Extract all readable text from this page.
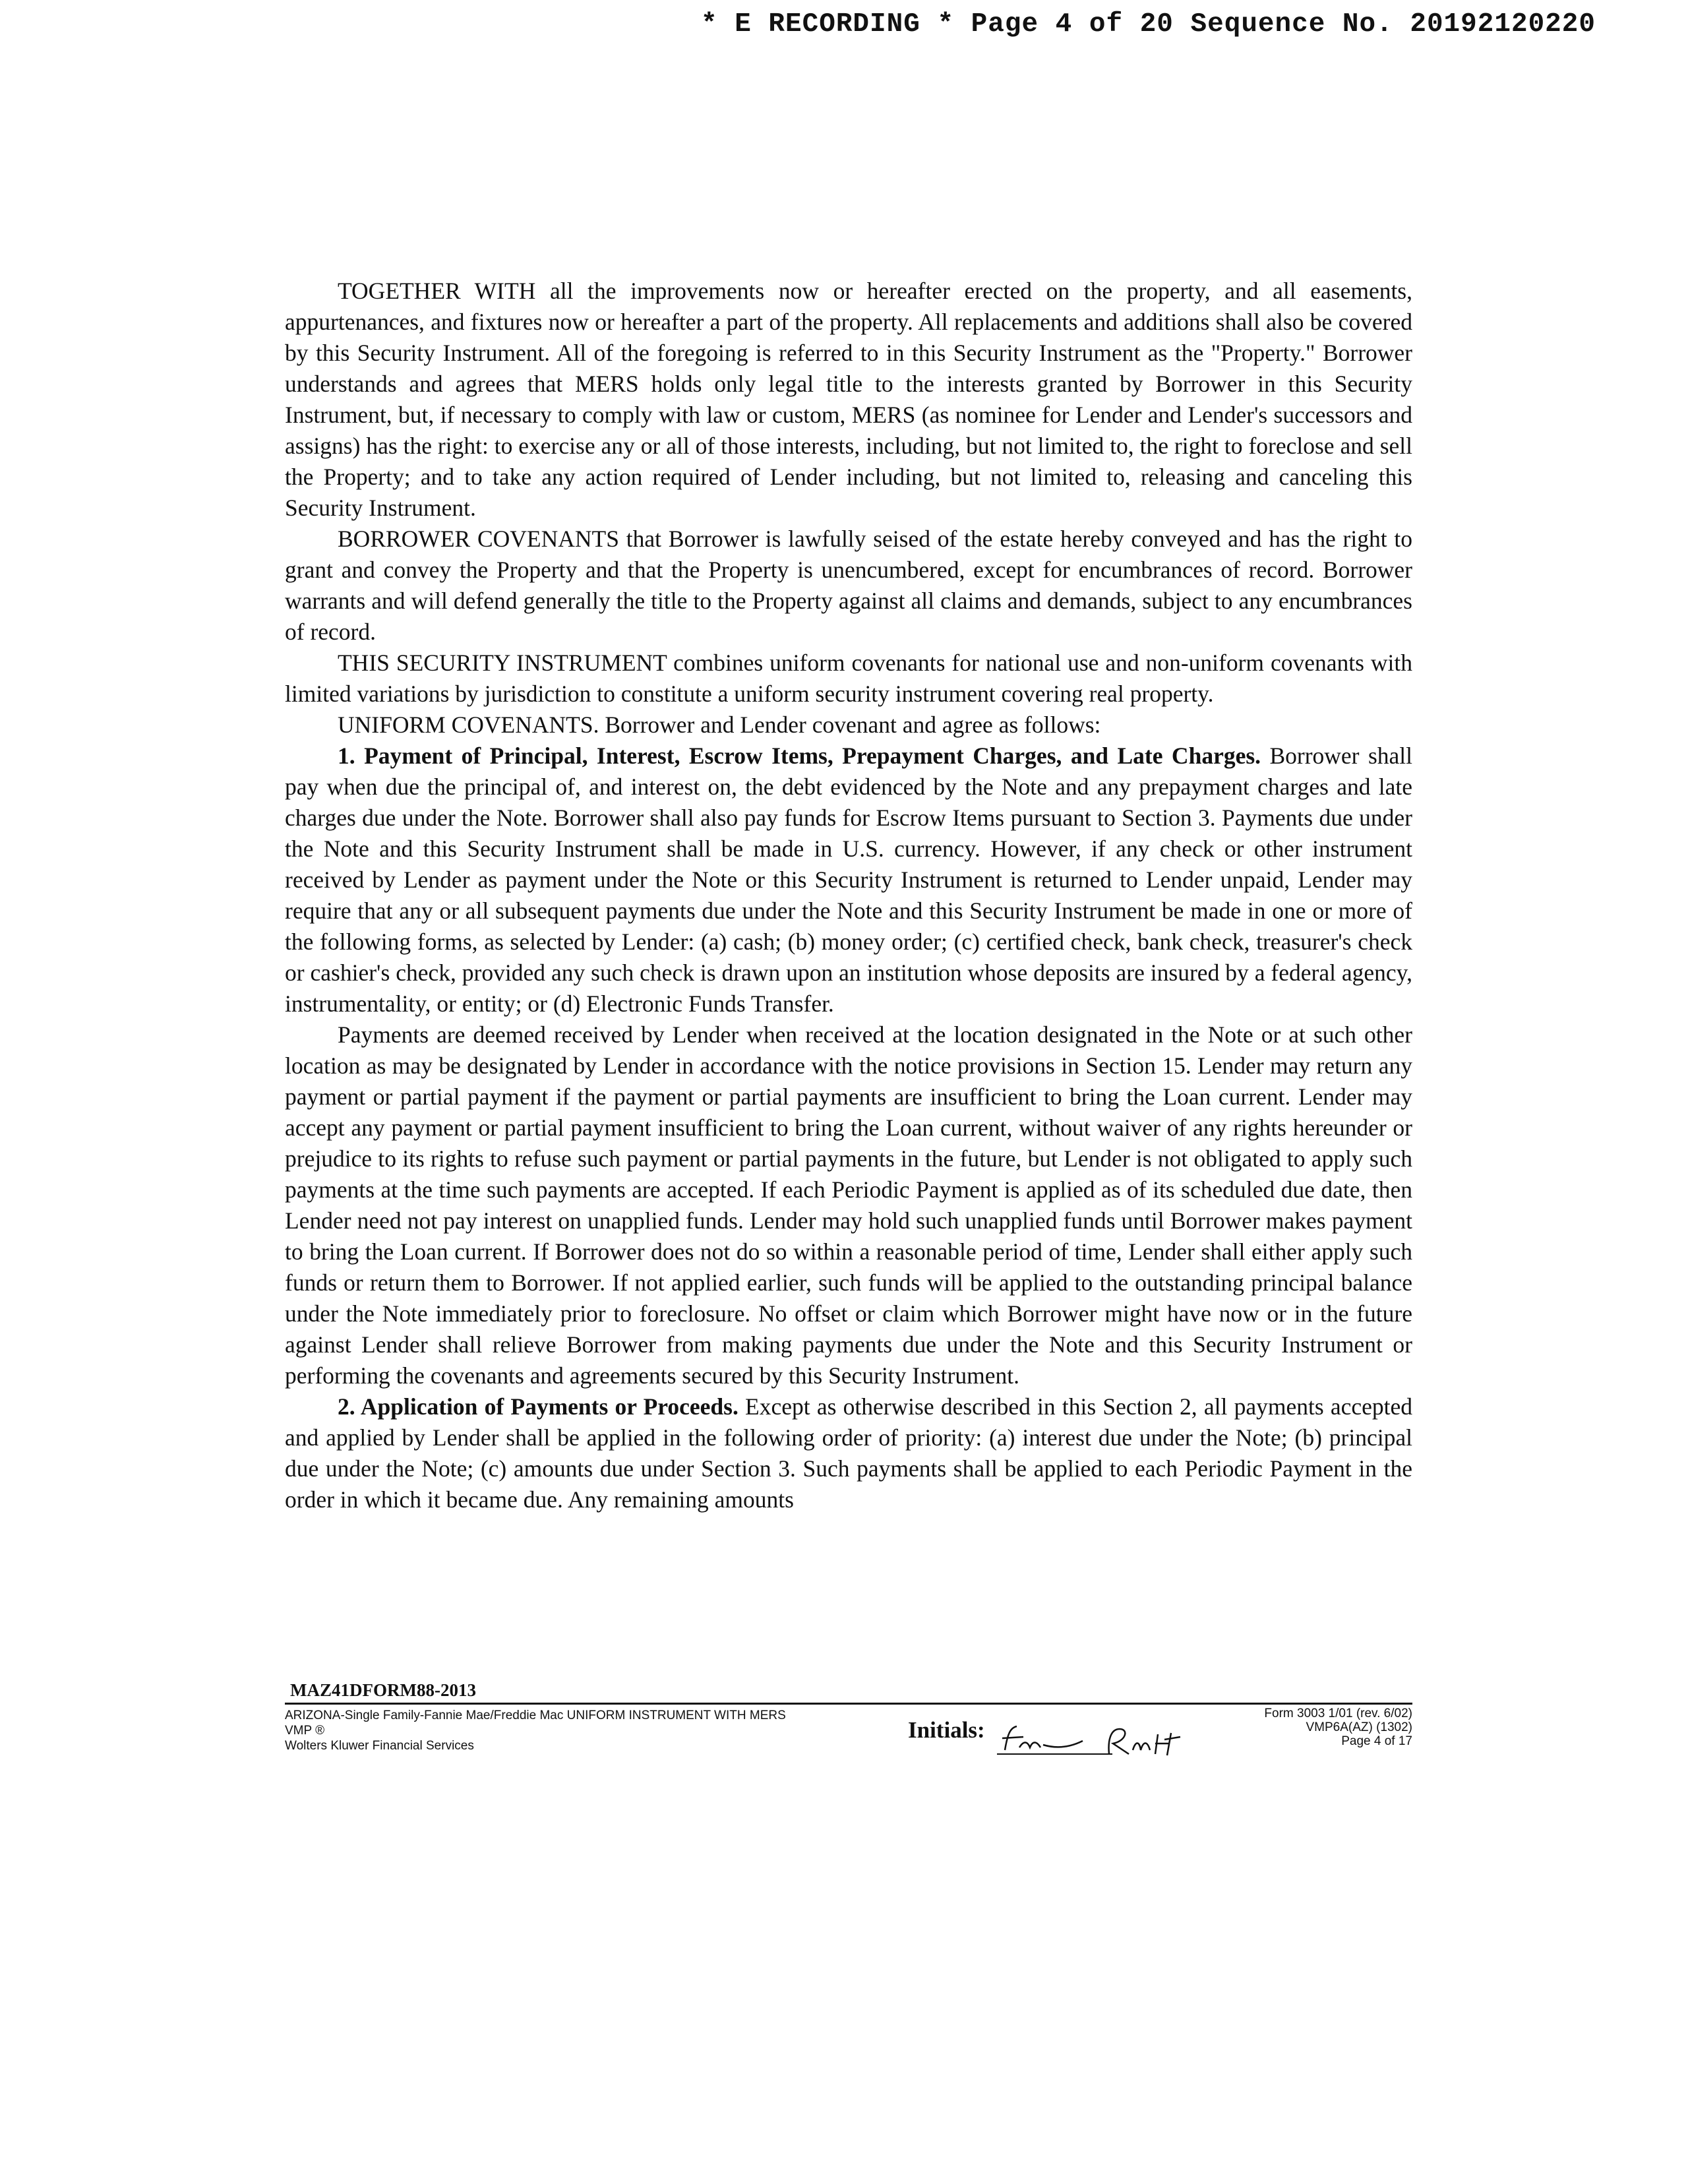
* E RECORDING * Page 4 of 20 Sequence No. 20192120220

TOGETHER WITH all the improvements now or hereafter erected on the property, and all easements, appurtenances, and fixtures now or hereafter a part of the property. All replacements and additions shall also be covered by this Security Instrument. All of the foregoing is referred to in this Security Instrument as the "Property." Borrower understands and agrees that MERS holds only legal title to the interests granted by Borrower in this Security Instrument, but, if necessary to comply with law or custom, MERS (as nominee for Lender and Lender's successors and assigns) has the right: to exercise any or all of those interests, including, but not limited to, the right to foreclose and sell the Property; and to take any action required of Lender including, but not limited to, releasing and canceling this Security Instrument.

BORROWER COVENANTS that Borrower is lawfully seised of the estate hereby conveyed and has the right to grant and convey the Property and that the Property is unencumbered, except for encumbrances of record. Borrower warrants and will defend generally the title to the Property against all claims and demands, subject to any encumbrances of record.

THIS SECURITY INSTRUMENT combines uniform covenants for national use and non-uniform covenants with limited variations by jurisdiction to constitute a uniform security instrument covering real property.

UNIFORM COVENANTS. Borrower and Lender covenant and agree as follows:

1. Payment of Principal, Interest, Escrow Items, Prepayment Charges, and Late Charges. Borrower shall pay when due the principal of, and interest on, the debt evidenced by the Note and any prepayment charges and late charges due under the Note. Borrower shall also pay funds for Escrow Items pursuant to Section 3. Payments due under the Note and this Security Instrument shall be made in U.S. currency. However, if any check or other instrument received by Lender as payment under the Note or this Security Instrument is returned to Lender unpaid, Lender may require that any or all subsequent payments due under the Note and this Security Instrument be made in one or more of the following forms, as selected by Lender: (a) cash; (b) money order; (c) certified check, bank check, treasurer's check or cashier's check, provided any such check is drawn upon an institution whose deposits are insured by a federal agency, instrumentality, or entity; or (d) Electronic Funds Transfer.

Payments are deemed received by Lender when received at the location designated in the Note or at such other location as may be designated by Lender in accordance with the notice provisions in Section 15. Lender may return any payment or partial payment if the payment or partial payments are insufficient to bring the Loan current. Lender may accept any payment or partial payment insufficient to bring the Loan current, without waiver of any rights hereunder or prejudice to its rights to refuse such payment or partial payments in the future, but Lender is not obligated to apply such payments at the time such payments are accepted. If each Periodic Payment is applied as of its scheduled due date, then Lender need not pay interest on unapplied funds. Lender may hold such unapplied funds until Borrower makes payment to bring the Loan current. If Borrower does not do so within a reasonable period of time, Lender shall either apply such funds or return them to Borrower. If not applied earlier, such funds will be applied to the outstanding principal balance under the Note immediately prior to foreclosure. No offset or claim which Borrower might have now or in the future against Lender shall relieve Borrower from making payments due under the Note and this Security Instrument or performing the covenants and agreements secured by this Security Instrument.

2. Application of Payments or Proceeds. Except as otherwise described in this Section 2, all payments accepted and applied by Lender shall be applied in the following order of priority: (a) interest due under the Note; (b) principal due under the Note; (c) amounts due under Section 3. Such payments shall be applied to each Periodic Payment in the order in which it became due. Any remaining amounts

MAZ41DFORM88-2013
ARIZONA-Single Family-Fannie Mae/Freddie Mac UNIFORM INSTRUMENT WITH MERS
VMP ®
Wolters Kluwer Financial Services
Initials:
Form 3003 1/01 (rev. 6/02)
VMP6A(AZ) (1302)
Page 4 of 17
